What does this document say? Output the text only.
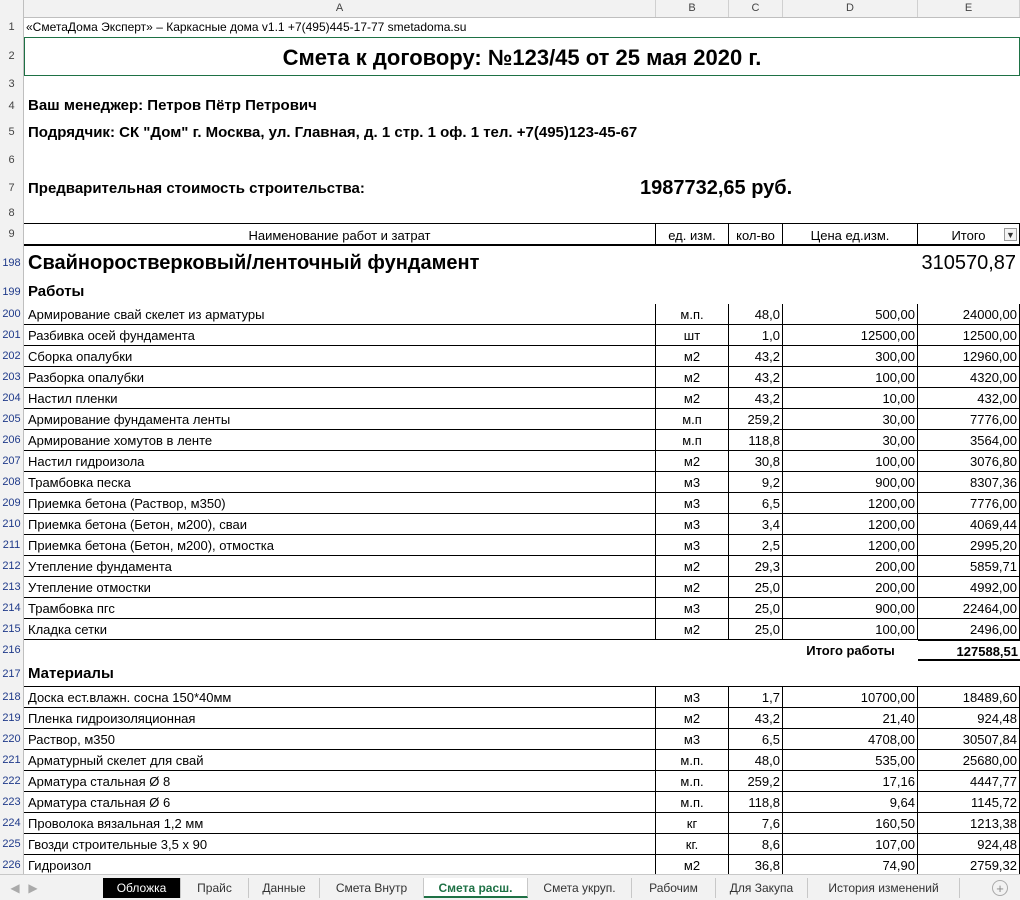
A	B	C	D	E
1 «СметаДома Эксперт» – Каркасные дома v1.1 +7(495)445-17-77 smetadoma.su
2	Смета к договору: №123/45 от 25 мая 2020 г.
3
4 Ваш менеджер: Петров Пётр Петрович
5 Подрядчик: СК "Дом" г. Москва, ул. Главная, д. 1 стр. 1 оф. 1 тел. +7(495)123-45-67
6
7 Предварительная стоимость строительства:	1987732,65 руб.
8
9	Наименование работ и затрат	ед. изм.	кол-во	Цена ед.изм.	Итого	▼
198 Свайноростверковый/ленточный фундамент	310570,87
199 Работы
200 Армирование свай скелет из арматуры	м.п.	48,0	500,00	24000,00
201 Разбивка осей фундамента	шт	1,0	12500,00	12500,00
202 Сборка опалубки	м2	43,2	300,00	12960,00
203 Разборка опалубки	м2	43,2	100,00	4320,00
204 Настил пленки	м2	43,2	10,00	432,00
205 Армирование фундамента ленты	м.п	259,2	30,00	7776,00
206 Армирование хомутов в ленте	м.п	118,8	30,00	3564,00
207 Настил гидроизола	м2	30,8	100,00	3076,80
208 Трамбовка песка	м3	9,2	900,00	8307,36
209 Приемка бетона (Раствор, м350)	м3	6,5	1200,00	7776,00
210 Приемка бетона (Бетон, м200), сваи	м3	3,4	1200,00	4069,44
211 Приемка бетона (Бетон, м200), отмостка	м3	2,5	1200,00	2995,20
212 Утепление фундамента	м2	29,3	200,00	5859,71
213 Утепление отмостки	м2	25,0	200,00	4992,00
214 Трамбовка пгс	м3	25,0	900,00	22464,00
215 Кладка сетки	м2	25,0	100,00	2496,00
216	Итого работы	127588,51
217 Материалы
218 Доска ест.влажн. сосна 150*40мм	м3	1,7	10700,00	18489,60
219 Пленка гидроизоляционная	м2	43,2	21,40	924,48
220 Раствор, м350	м3	6,5	4708,00	30507,84
221 Арматурный скелет для свай	м.п.	48,0	535,00	25680,00
222 Арматура стальная Ø 8	м.п.	259,2	17,16	4447,77
223 Арматура стальная Ø 6	м.п.	118,8	9,64	1145,72
224 Проволока вязальная 1,2 мм	кг	7,6	160,50	1213,38
225 Гвозди строительные 3,5 х 90	кг.	8,6	107,00	924,48
226 Гидроизол	м2	36,8	74,90	2759,32
◀ ▶	Обложка	Прайс	Данные	Смета Внутр	Смета расш.	Смета укруп.	Рабочим	Для Закупа	История изменений	+
